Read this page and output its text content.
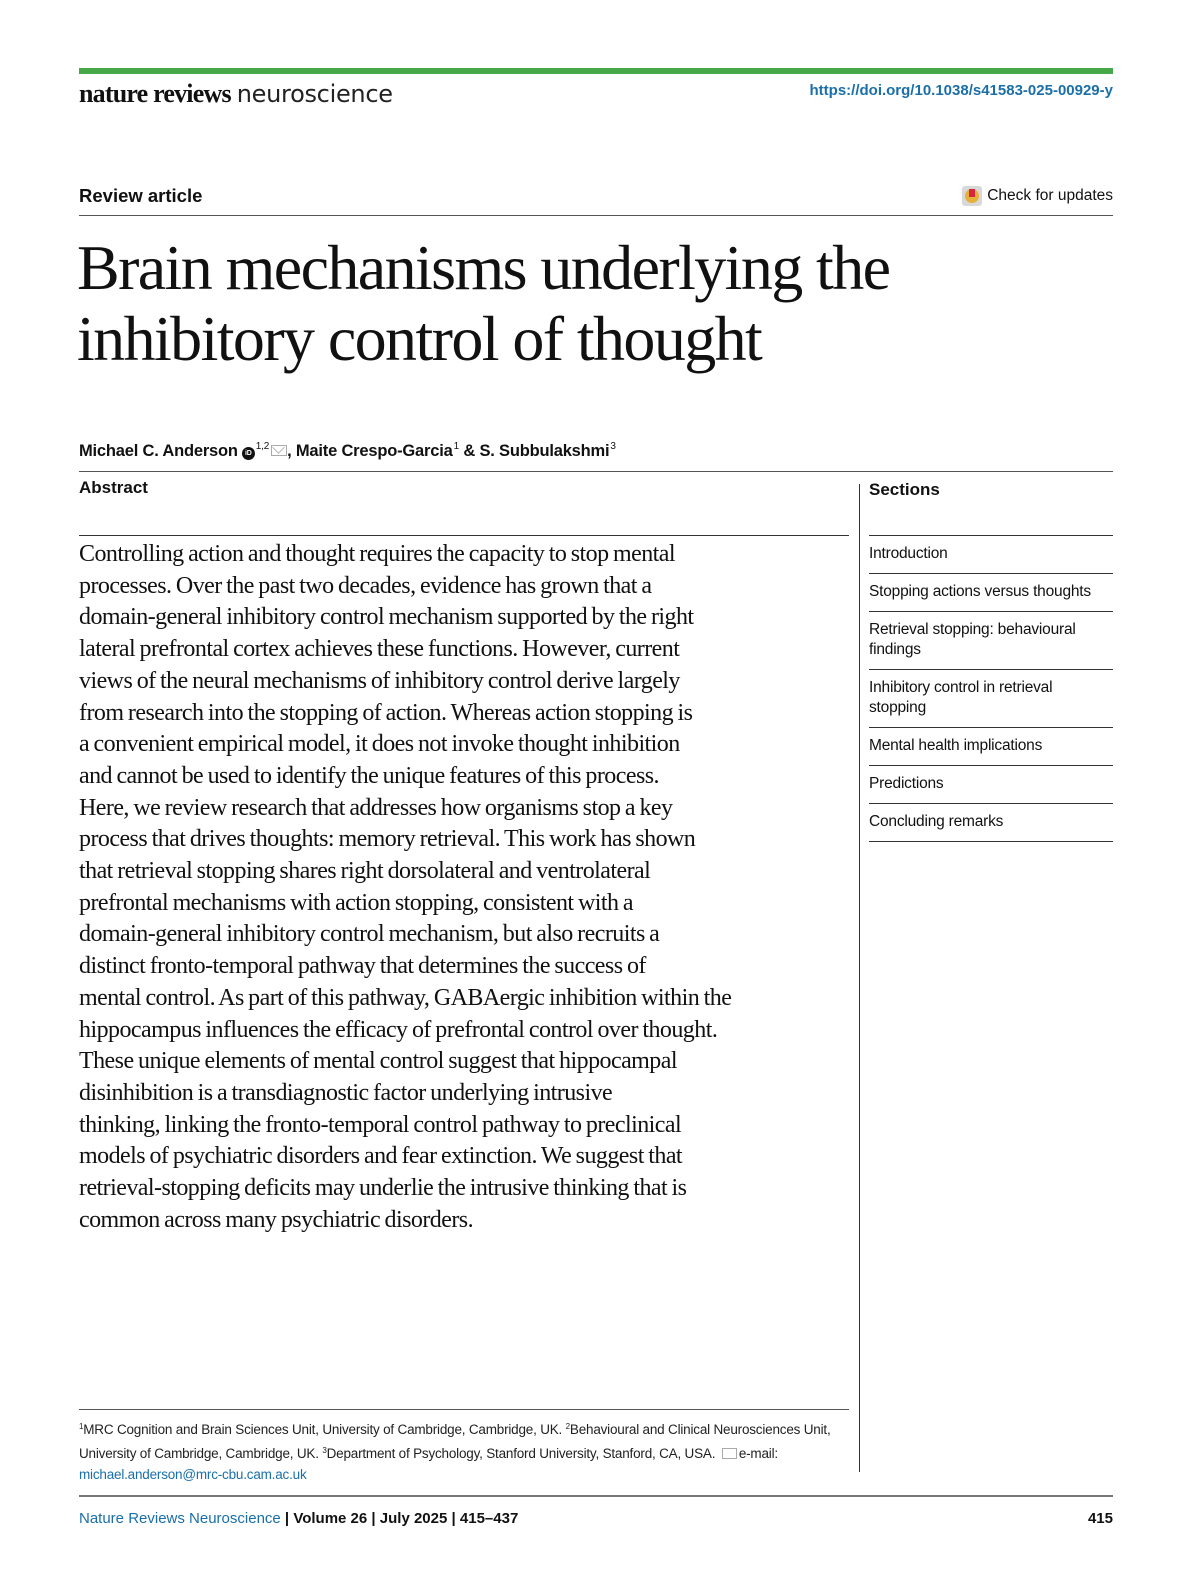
nature reviews neuroscience	https://doi.org/10.1038/s41583-025-00929-y
Review article	Check for updates
Brain mechanisms underlying the inhibitory control of thought
Michael C. Anderson iD$^{1,2}$ , Maite Crespo-Garcia$^1$ & S. Subbulakshmi$^3$
Abstract
Controlling action and thought requires the capacity to stop mental
processes. Over the past two decades, evidence has grown that a
domain-general inhibitory control mechanism supported by the right
lateral prefrontal cortex achieves these functions. However, current
views of the neural mechanisms of inhibitory control derive largely
from research into the stopping of action. Whereas action stopping is
a convenient empirical model, it does not invoke thought inhibition
and cannot be used to identify the unique features of this process.
Here, we review research that addresses how organisms stop a key
process that drives thoughts: memory retrieval. This work has shown
that retrieval stopping shares right dorsolateral and ventrolateral
prefrontal mechanisms with action stopping, consistent with a
domain-general inhibitory control mechanism, but also recruits a
distinct fronto-temporal pathway that determines the success of
mental control. As part of this pathway, GABAergic inhibition within the
hippocampus influences the efficacy of prefrontal control over thought.
These unique elements of mental control suggest that hippocampal
disinhibition is a transdiagnostic factor underlying intrusive
thinking, linking the fronto-temporal control pathway to preclinical
models of psychiatric disorders and fear extinction. We suggest that
retrieval-stopping deficits may underlie the intrusive thinking that is
common across many psychiatric disorders.
Sections
Introduction
Stopping actions versus thoughts
Retrieval stopping: behavioural findings
Inhibitory control in retrieval stopping
Mental health implications
Predictions
Concluding remarks
$^1$MRC Cognition and Brain Sciences Unit, University of Cambridge, Cambridge, UK. $^2$Behavioural and Clinical Neurosciences Unit, University of Cambridge, Cambridge, UK. $^3$Department of Psychology, Stanford University, Stanford, CA, USA. e-mail: michael.anderson@mrc-cbu.cam.ac.uk
Nature Reviews Neuroscience | Volume 26 | July 2025 | 415–437	415
